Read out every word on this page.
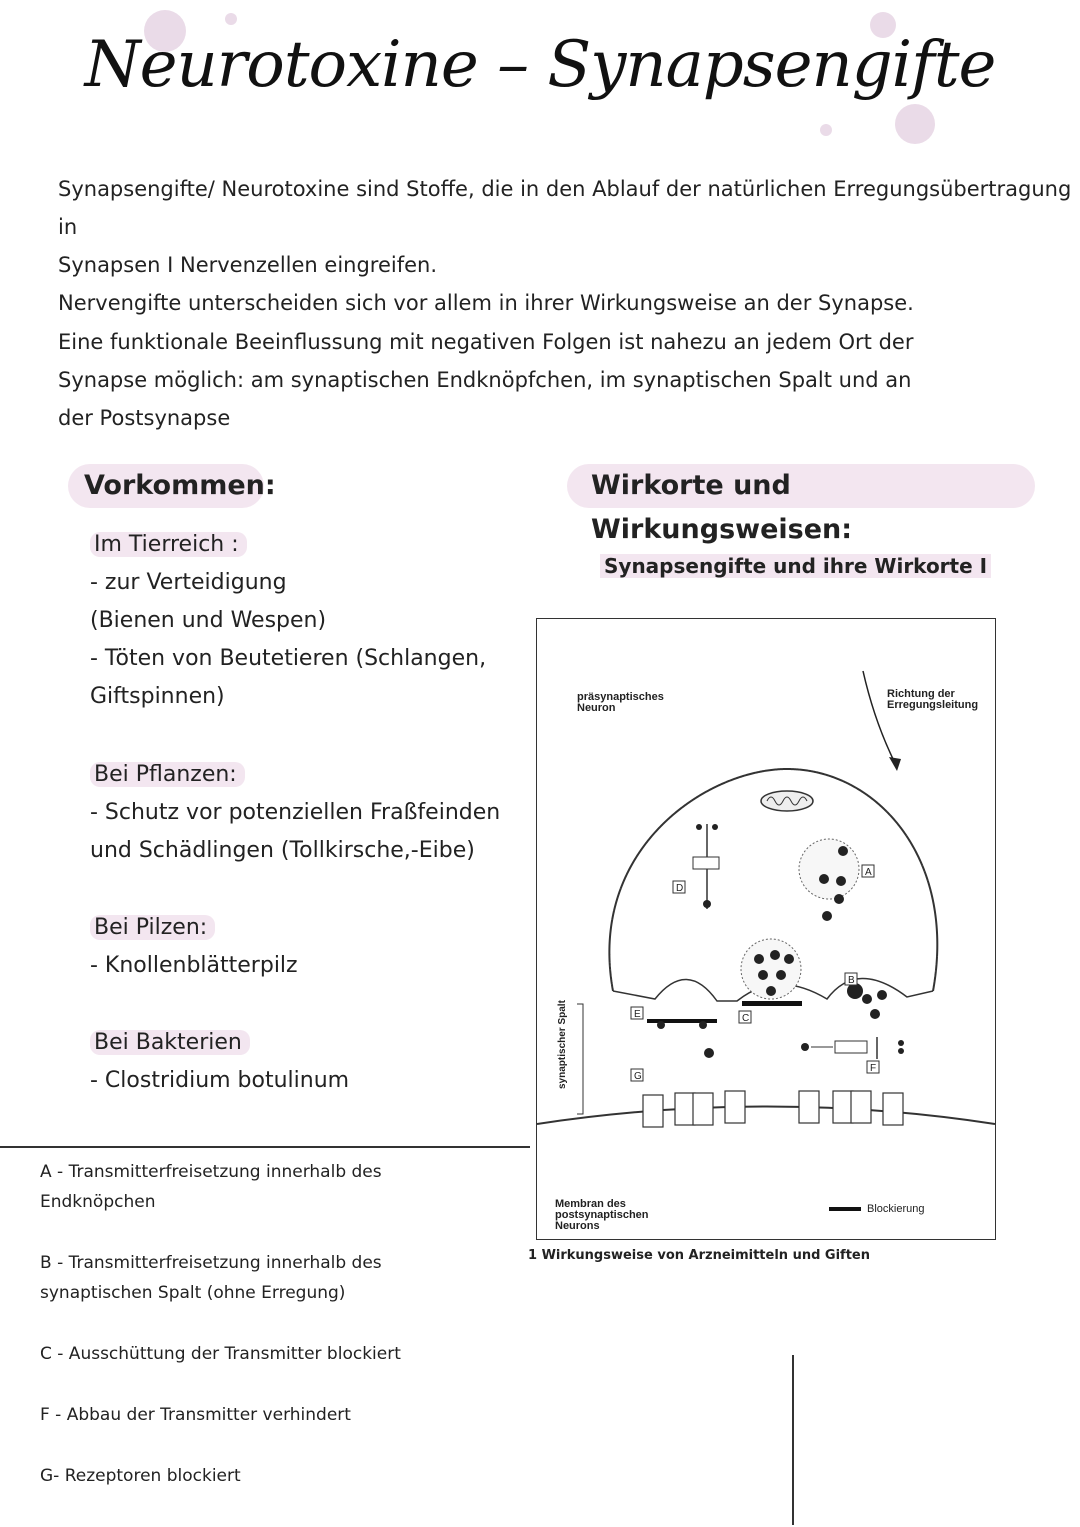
Neurotoxine – Synapsengifte
Synapsengifte/ Neurotoxine sind Stoffe, die in den Ablauf der natürlichen Erregungsübertragung in
Synapsen I Nervenzellen eingreifen.
Nervengifte unterscheiden sich vor allem in ihrer Wirkungsweise an der Synapse.
Eine funktionale Beeinflussung mit negativen Folgen ist nahezu an jedem Ort der
Synapse möglich: am synaptischen Endknöpfchen, im synaptischen Spalt und an
der Postsynapse
Vorkommen:	Wirkorte und Wirkungsweisen:
Im Tierreich :
- zur Verteidigung
(Bienen und Wespen)
- Töten von Beutetieren (Schlangen,
Giftspinnen)
Bei Pflanzen:
- Schutz vor potenziellen Fraßfeinden
und Schädlingen (Tollkirsche,-Eibe)
Bei Pilzen:
- Knollenblätterpilz
Bei Bakterien
- Clostridium botulinum
A - Transmitterfreisetzung innerhalb des
Endknöpchen
B - Transmitterfreisetzung innerhalb des
synaptischen Spalt (ohne Erregung)
C - Ausschüttung der Transmitter blockiert
F - Abbau der Transmitter verhindert
G- Rezeptoren blockiert
Synapsengifte und ihre Wirkorte I
präsynaptisches
Neuron
Richtung der
Erregungsleitung
A
D
C
B
E
F
synaptischer Spalt	G
Membran des
postsynaptischen
Neurons
Blockierung
1 Wirkungsweise von Arzneimitteln und Giften
